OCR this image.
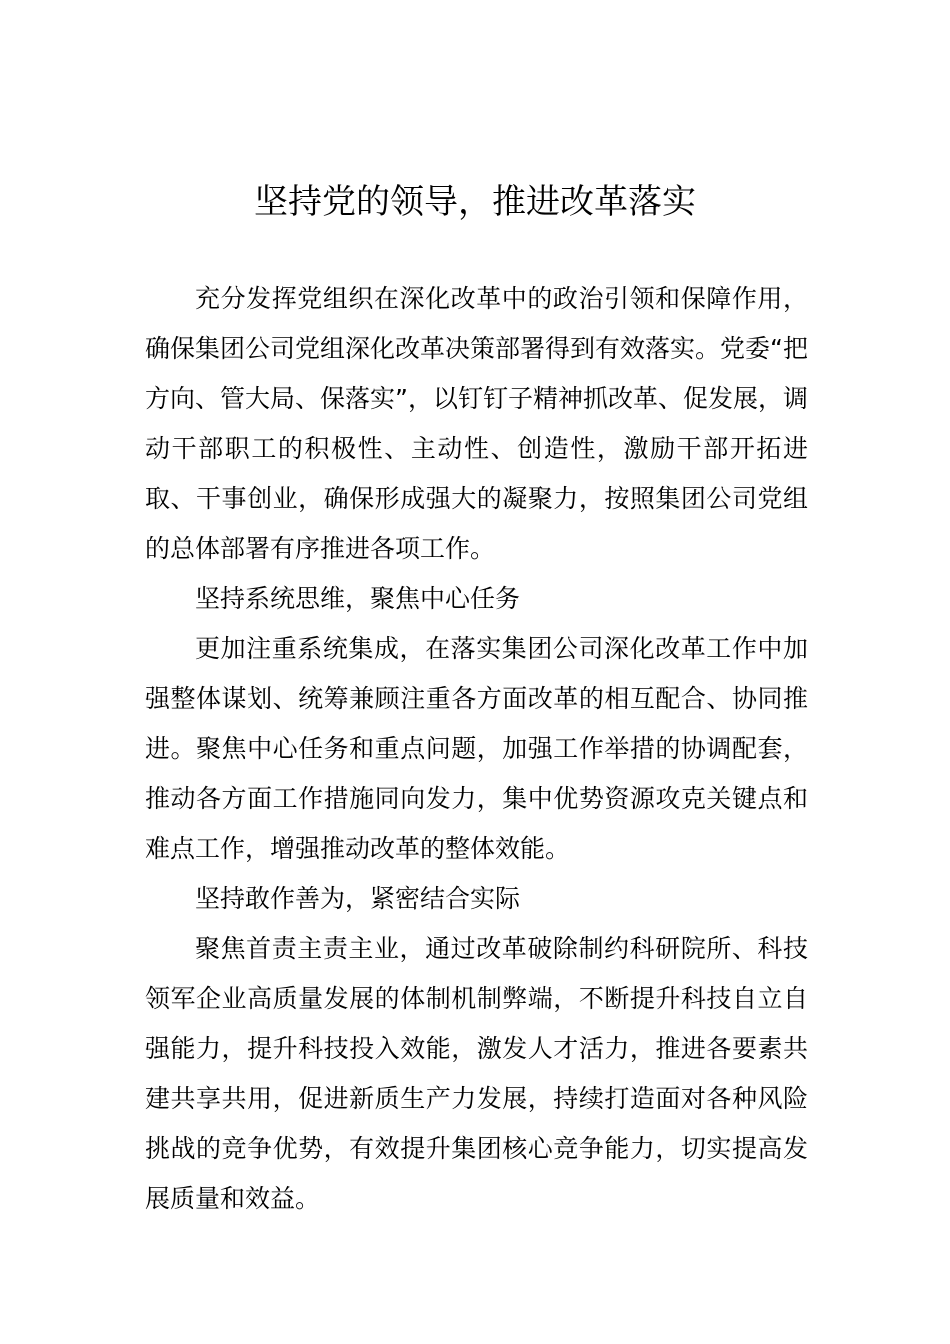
坚持党的领导，推进改革落实

充分发挥党组织在深化改革中的政治引领和保障作用，确保集团公司党组深化改革决策部署得到有效落实。党委“把方向、管大局、保落实”，以钉钉子精神抓改革、促发展，调动干部职工的积极性、主动性、创造性，激励干部开拓进取、干事创业，确保形成强大的凝聚力，按照集团公司党组的总体部署有序推进各项工作。

坚持系统思维，聚焦中心任务

更加注重系统集成，在落实集团公司深化改革工作中加强整体谋划、统筹兼顾注重各方面改革的相互配合、协同推进。聚焦中心任务和重点问题，加强工作举措的协调配套，推动各方面工作措施同向发力，集中优势资源攻克关键点和难点工作，增强推动改革的整体效能。

坚持敢作善为，紧密结合实际

聚焦首责主责主业，通过改革破除制约科研院所、科技领军企业高质量发展的体制机制弊端，不断提升科技自立自强能力，提升科技投入效能，激发人才活力，推进各要素共建共享共用，促进新质生产力发展，持续打造面对各种风险挑战的竞争优势，有效提升集团核心竞争能力，切实提高发展质量和效益。
